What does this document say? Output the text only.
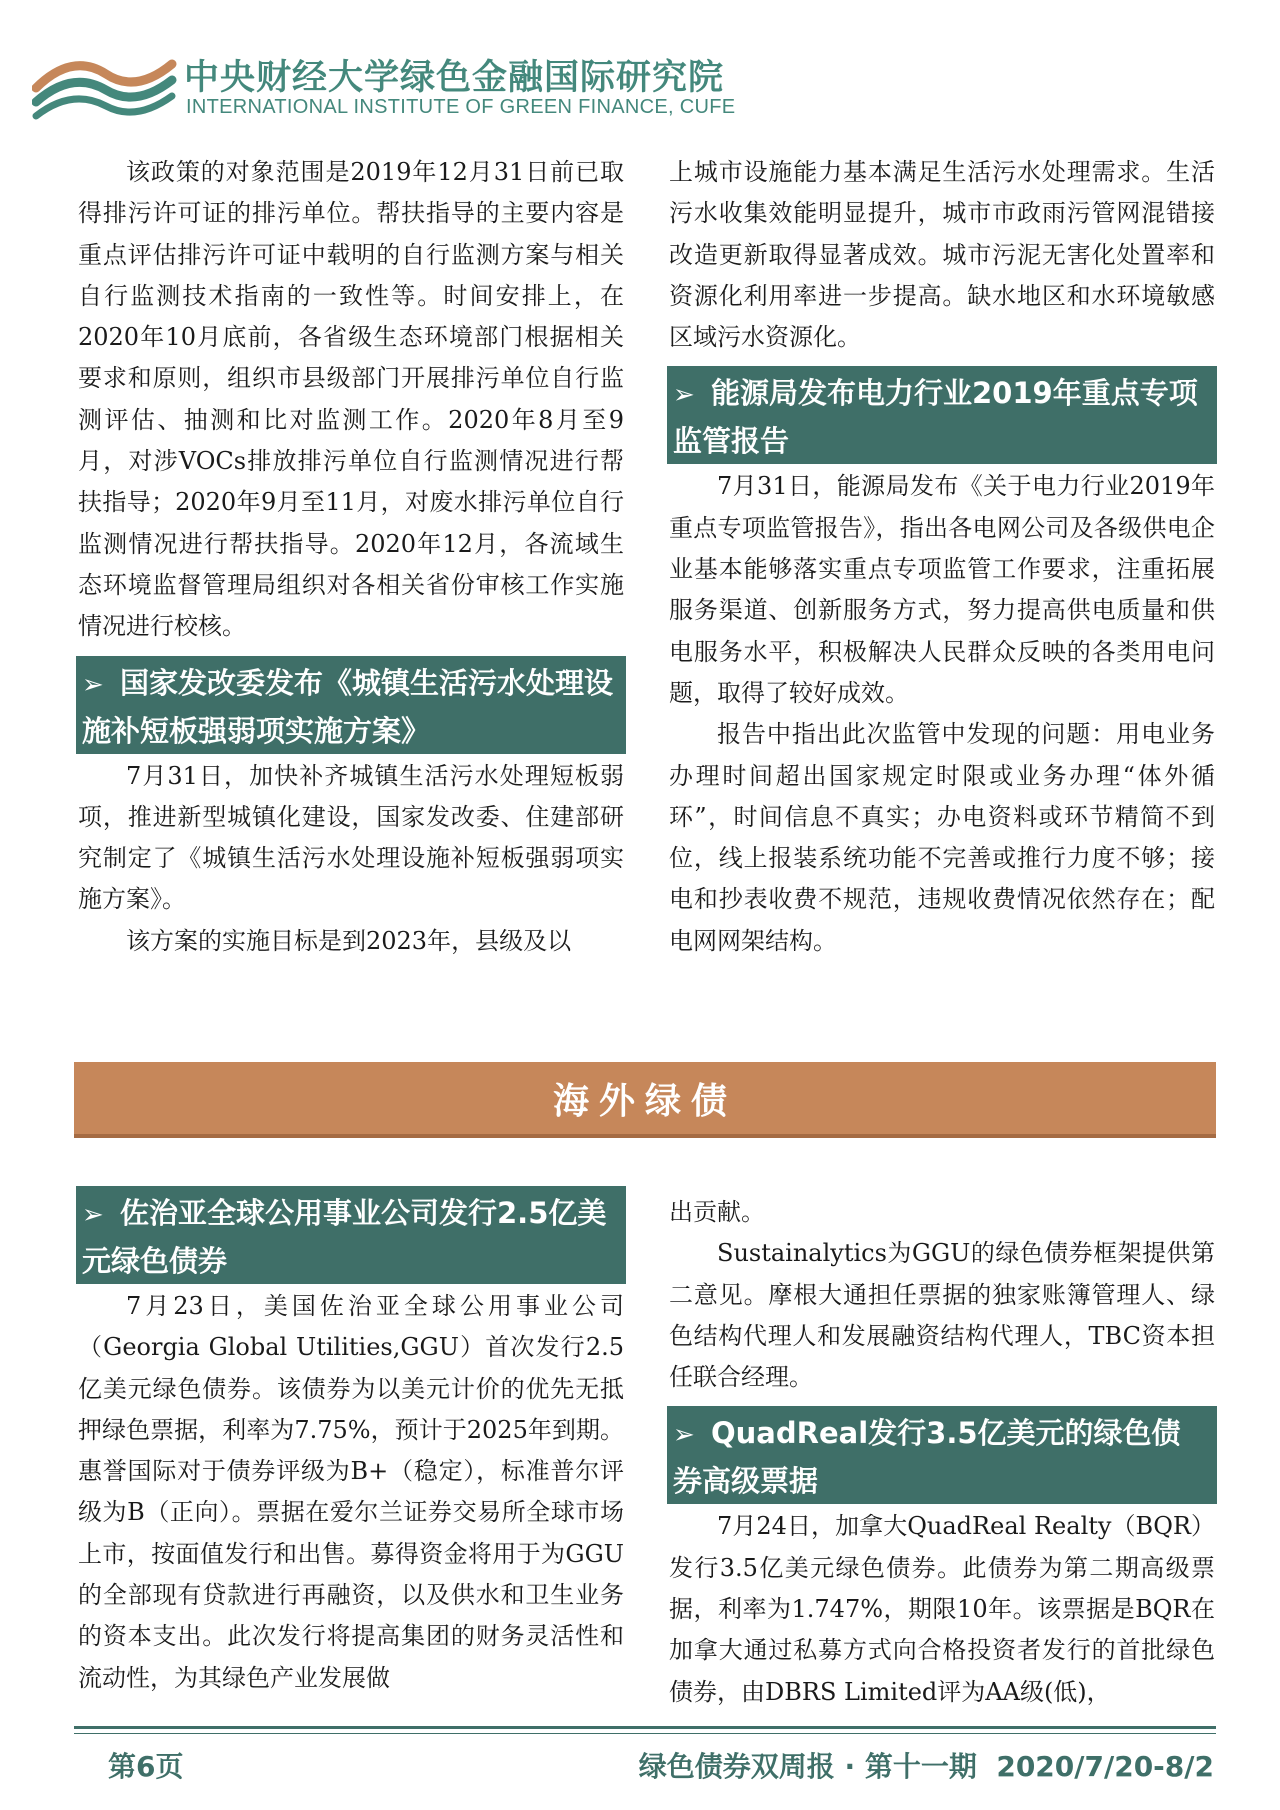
中央财经大学绿色金融国际研究院
INTERNATIONAL INSTITUTE OF GREEN FINANCE, CUFE

该政策的对象范围是2019年12月31日前已取得排污许可证的排污单位。帮扶指导的主要内容是重点评估排污许可证中载明的自行监测方案与相关自行监测技术指南的一致性等。时间安排上，在2020年10月底前，各省级生态环境部门根据相关要求和原则，组织市县级部门开展排污单位自行监测评估、抽测和比对监测工作。2020年8月至9月，对涉VOCs排放排污单位自行监测情况进行帮扶指导；2020年9月至11月，对废水排污单位自行监测情况进行帮扶指导。2020年12月，各流域生态环境监督管理局组织对各相关省份审核工作实施情况进行校核。

➢ 国家发改委发布《城镇生活污水处理设施补短板强弱项实施方案》

7月31日，加快补齐城镇生活污水处理短板弱项，推进新型城镇化建设，国家发改委、住建部研究制定了《城镇生活污水处理设施补短板强弱项实施方案》。

该方案的实施目标是到2023年，县级及以

上城市设施能力基本满足生活污水处理需求。生活污水收集效能明显提升，城市市政雨污管网混错接改造更新取得显著成效。城市污泥无害化处置率和资源化利用率进一步提高。缺水地区和水环境敏感区域污水资源化。

➢ 能源局发布电力行业2019年重点专项监管报告

7月31日，能源局发布《关于电力行业2019年重点专项监管报告》，指出各电网公司及各级供电企业基本能够落实重点专项监管工作要求，注重拓展服务渠道、创新服务方式，努力提高供电质量和供电服务水平，积极解决人民群众反映的各类用电问题，取得了较好成效。

报告中指出此次监管中发现的问题：用电业务办理时间超出国家规定时限或业务办理“体外循环”，时间信息不真实；办电资料或环节精简不到位，线上报装系统功能不完善或推行力度不够；接电和抄表收费不规范，违规收费情况依然存在；配电网网架结构。

海外绿债
➢ 佐治亚全球公用事业公司发行2.5亿美元绿色债券

7月23日，美国佐治亚全球公用事业公司（Georgia Global Utilities,GGU）首次发行2.5亿美元绿色债券。该债券为以美元计价的优先无抵押绿色票据，利率为7.75%，预计于2025年到期。惠誉国际对于债券评级为B+（稳定），标准普尔评级为B（正向）。票据在爱尔兰证券交易所全球市场上市，按面值发行和出售。募得资金将用于为GGU的全部现有贷款进行再融资，以及供水和卫生业务的资本支出。此次发行将提高集团的财务灵活性和流动性，为其绿色产业发展做

出贡献。

Sustainalytics为GGU的绿色债券框架提供第二意见。摩根大通担任票据的独家账簿管理人、绿色结构代理人和发展融资结构代理人，TBC资本担任联合经理。

➢ QuadReal发行3.5亿美元的绿色债券高级票据

7月24日，加拿大QuadReal Realty（BQR）发行3.5亿美元绿色债券。此债券为第二期高级票据，利率为1.747%，期限10年。该票据是BQR在加拿大通过私募方式向合格投资者发行的首批绿色债券，由DBRS Limited评为AA级(低)，

第6页	绿色债券双周报 · 第十一期 2020/7/20-8/2
